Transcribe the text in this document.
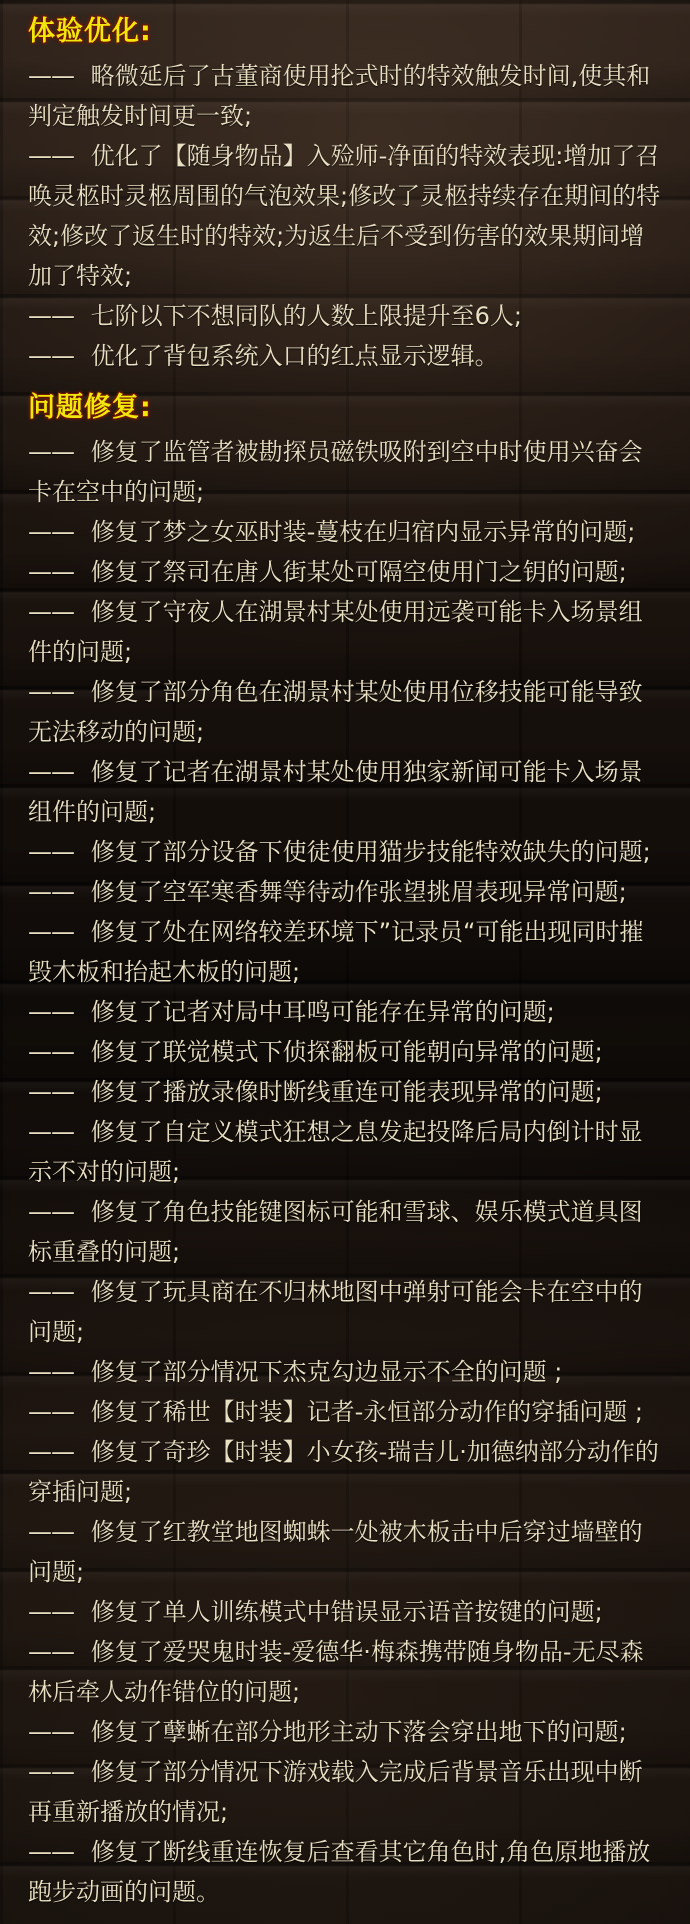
体验优化:

—— 略微延后了古董商使用抡式时的特效触发时间,使其和判定触发时间更一致;

—— 优化了【随身物品】入殓师-净面的特效表现:增加了召唤灵柩时灵柩周围的气泡效果;修改了灵柩持续存在期间的特效;修改了返生时的特效;为返生后不受到伤害的效果期间增加了特效;

—— 七阶以下不想同队的人数上限提升至6人;

—— 优化了背包系统入口的红点显示逻辑。

问题修复:

—— 修复了监管者被勘探员磁铁吸附到空中时使用兴奋会卡在空中的问题;

—— 修复了梦之女巫时装-蔓枝在归宿内显示异常的问题;

—— 修复了祭司在唐人街某处可隔空使用门之钥的问题;

—— 修复了守夜人在湖景村某处使用远袭可能卡入场景组件的问题;

—— 修复了部分角色在湖景村某处使用位移技能可能导致无法移动的问题;

—— 修复了记者在湖景村某处使用独家新闻可能卡入场景组件的问题;

—— 修复了部分设备下使徒使用猫步技能特效缺失的问题;

—— 修复了空军寒香舞等待动作张望挑眉表现异常问题;

—— 修复了处在网络较差环境下”记录员“可能出现同时摧毁木板和抬起木板的问题;

—— 修复了记者对局中耳鸣可能存在异常的问题;

—— 修复了联觉模式下侦探翻板可能朝向异常的问题;

—— 修复了播放录像时断线重连可能表现异常的问题;

—— 修复了自定义模式狂想之息发起投降后局内倒计时显示不对的问题;

—— 修复了角色技能键图标可能和雪球、娱乐模式道具图标重叠的问题;

—— 修复了玩具商在不归林地图中弹射可能会卡在空中的问题;

—— 修复了部分情况下杰克勾边显示不全的问题 ;

—— 修复了稀世【时装】记者-永恒部分动作的穿插问题 ;

—— 修复了奇珍【时装】小女孩-瑞吉儿·加德纳部分动作的穿插问题;

—— 修复了红教堂地图蜘蛛一处被木板击中后穿过墙壁的问题;

—— 修复了单人训练模式中错误显示语音按键的问题;

—— 修复了爱哭鬼时装-爱德华·梅森携带随身物品-无尽森林后牵人动作错位的问题;

—— 修复了孽蜥在部分地形主动下落会穿出地下的问题;

—— 修复了部分情况下游戏载入完成后背景音乐出现中断再重新播放的情况;

—— 修复了断线重连恢复后查看其它角色时,角色原地播放跑步动画的问题。
